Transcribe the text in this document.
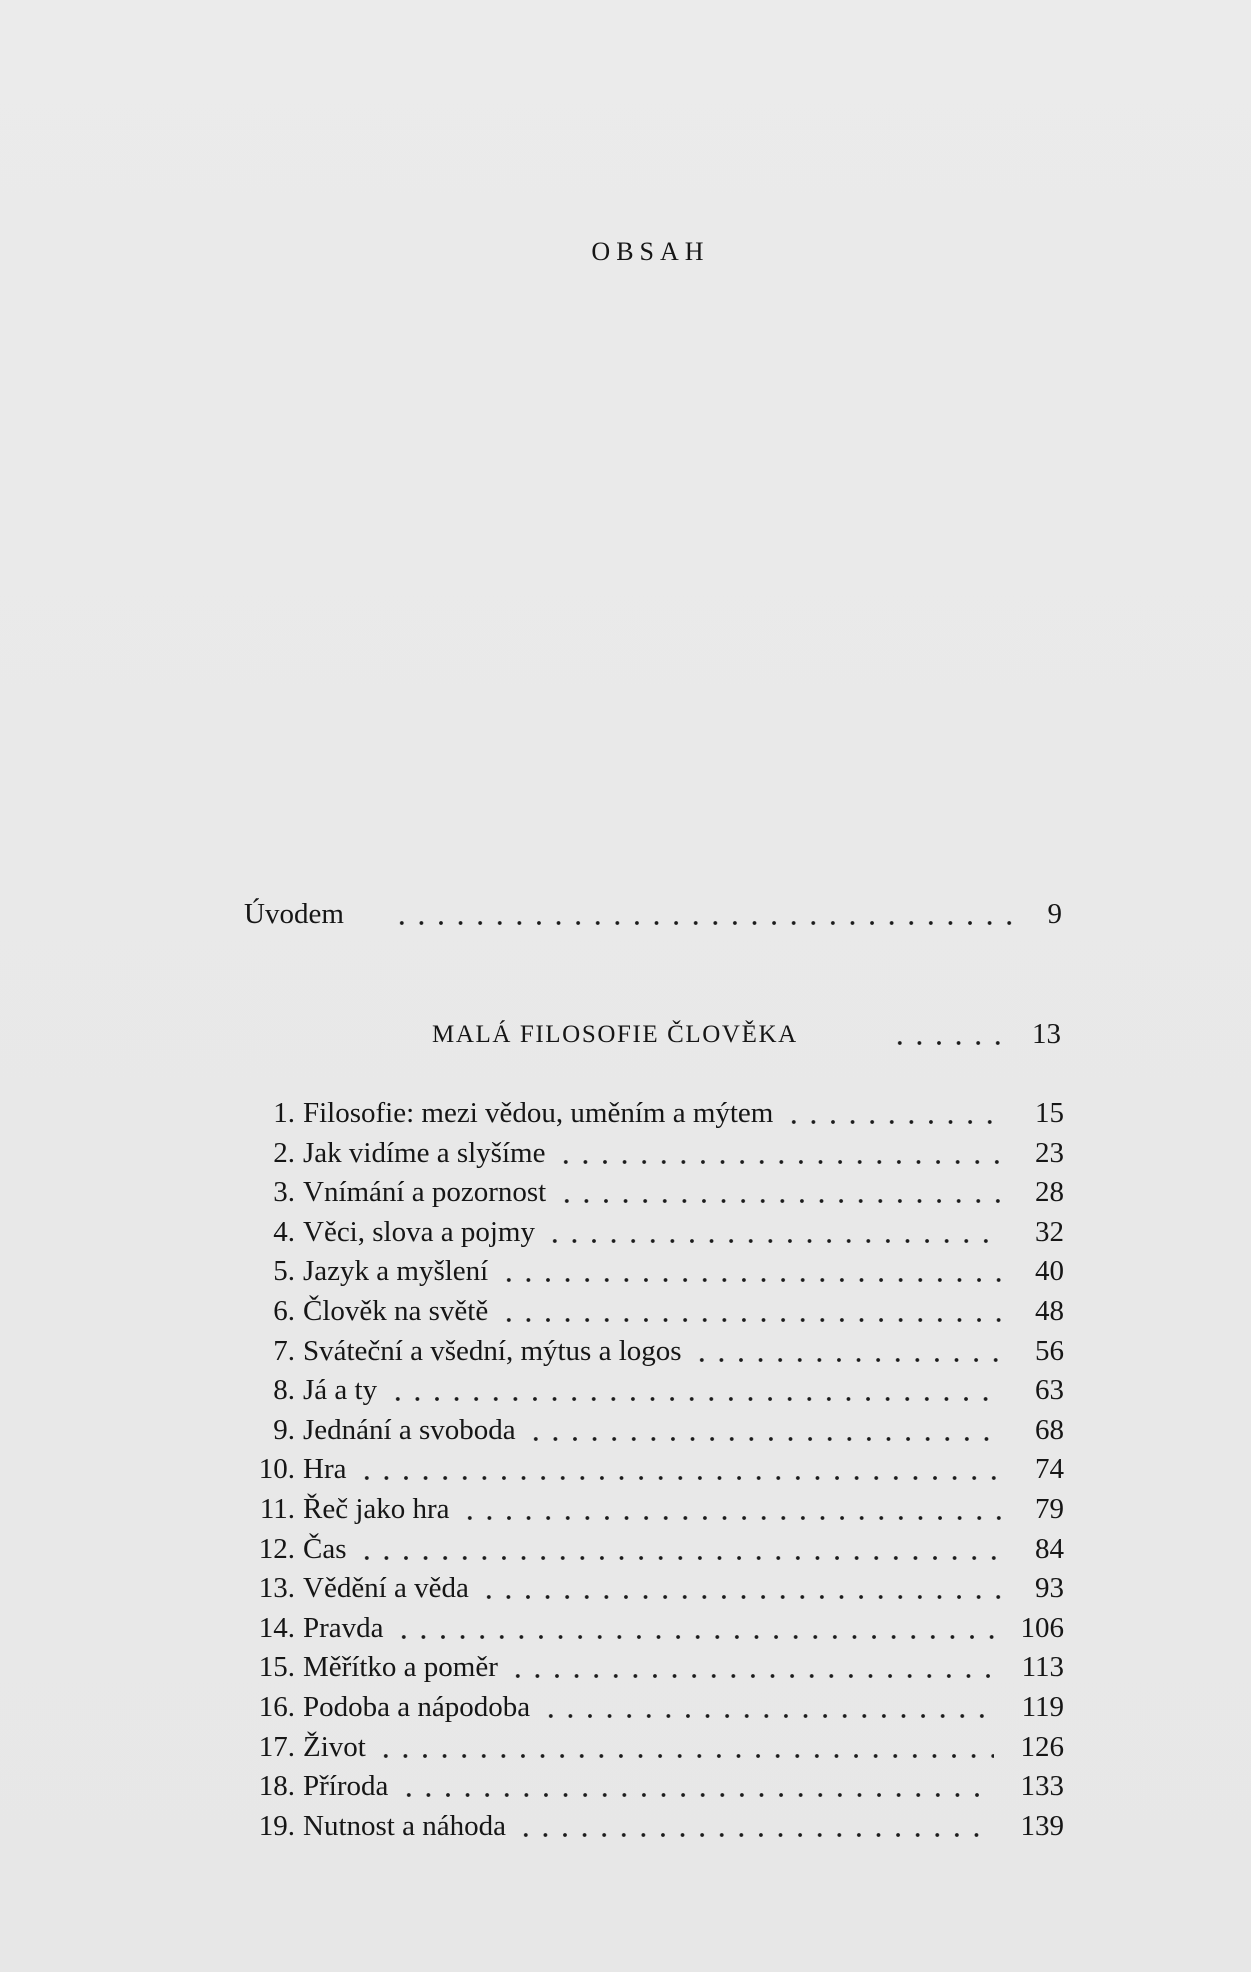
OBSAH
Úvodem	9
MALÁ FILOSOFIE ČLOVĚKA	13
1. Filosofie: mezi vědou, uměním a mýtem	15
2. Jak vidíme a slyšíme	23
3. Vnímání a pozornost	28
4. Věci, slova a pojmy	32
5. Jazyk a myšlení	40
6. Člověk na světě	48
7. Sváteční a všední, mýtus a logos	56
8. Já a ty	63
9. Jednání a svoboda	68
10. Hra	74
11. Řeč jako hra	79
12. Čas	84
13. Vědění a věda	93
14. Pravda	106
15. Měřítko a poměr	113
16. Podoba a nápodoba	119
17. Život	126
18. Příroda	133
19. Nutnost a náhoda	139
